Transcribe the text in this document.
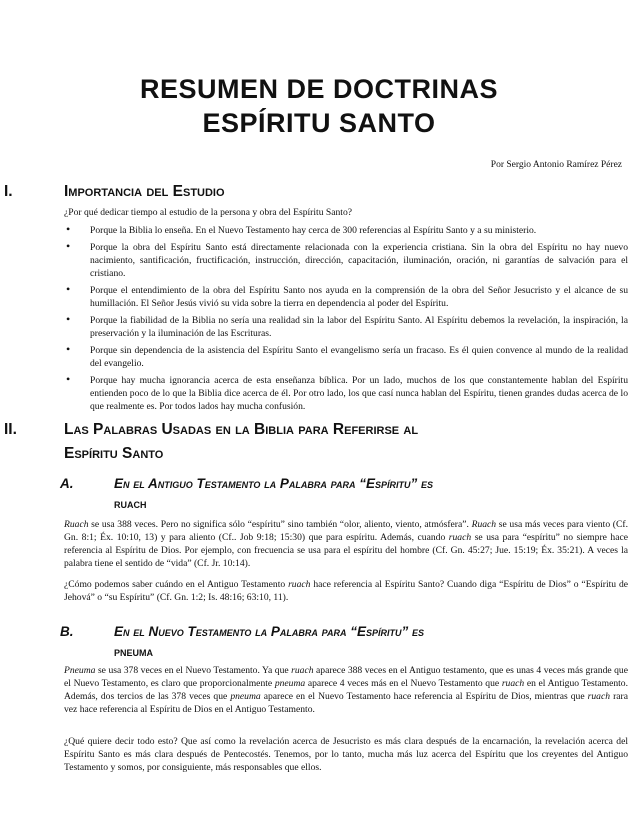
RESUMEN DE DOCTRINAS
ESPÍRITU SANTO
Por Sergio Antonio Ramírez Pérez
I.	Importancia del Estudio
¿Por qué dedicar tiempo al estudio de la persona y obra del Espíritu Santo?
• Porque la Biblia lo enseña. En el Nuevo Testamento hay cerca de 300 referencias al Espíritu Santo y a su ministerio.
• Porque la obra del Espíritu Santo está directamente relacionada con la experiencia cristiana. Sin la obra del Espíritu no hay nuevo nacimiento, santificación, fructificación, instrucción, dirección, capacitación, iluminación, oración, ni garantías de salvación para el cristiano.
• Porque el entendimiento de la obra del Espíritu Santo nos ayuda en la comprensión de la obra del Señor Jesucristo y el alcance de su humillación. El Señor Jesús vivió su vida sobre la tierra en dependencia al poder del Espíritu.
• Porque la fiabilidad de la Biblia no sería una realidad sin la labor del Espíritu Santo. Al Espíritu debemos la revelación, la inspiración, la preservación y la iluminación de las Escrituras.
• Porque sin dependencia de la asistencia del Espíritu Santo el evangelismo sería un fracaso. Es él quien convence al mundo de la realidad del evangelio.
• Porque hay mucha ignorancia acerca de esta enseñanza bíblica. Por un lado, muchos de los que constantemente hablan del Espíritu entienden poco de lo que la Biblia dice acerca de él. Por otro lado, los que casí nunca hablan del Espíritu, tienen grandes dudas acerca de lo que realmente es. Por todos lados hay mucha confusión.
II.	Las Palabras Usadas en la Biblia para Referirse al
Espíritu Santo
A.	En el Antiguo Testamento la Palabra para “Espíritu” es
ruach
Ruach se usa 388 veces. Pero no significa sólo “espíritu” sino también “olor, aliento, viento, atmósfera”. Ruach se usa más veces para viento (Cf. Gn. 8:1; Éx. 10:10, 13) y para aliento (Cf.. Job 9:18; 15:30) que para espíritu. Además, cuando ruach se usa para “espíritu” no siempre hace referencia al Espíritu de Dios. Por ejemplo, con frecuencia se usa para el espíritu del hombre (Cf. Gn. 45:27; Jue. 15:19; Éx. 35:21). A veces la palabra tiene el sentido de “vida” (Cf. Jr. 10:14).
¿Cómo podemos saber cuándo en el Antiguo Testamento ruach hace referencia al Espíritu Santo? Cuando diga “Espíritu de Dios” o “Espíritu de Jehová” o “su Espíritu” (Cf. Gn. 1:2; Is. 48:16; 63:10, 11).
B.	En el Nuevo Testamento la Palabra para “Espíritu” es
pneuma
Pneuma se usa 378 veces en el Nuevo Testamento. Ya que ruach aparece 388 veces en el Antiguo testamento, que es unas 4 veces más grande que el Nuevo Testamento, es claro que proporcionalmente pneuma aparece 4 veces más en el Nuevo Testamento que ruach en el Antiguo Testamento. Además, dos tercios de las 378 veces que pneuma aparece en el Nuevo Testamento hace referencia al Espíritu de Dios, mientras que ruach rara vez hace referencia al Espíritu de Dios en el Antiguo Testamento.
¿Qué quiere decir todo esto? Que así como la revelación acerca de Jesucristo es más clara después de la encarnación, la revelación acerca del Espíritu Santo es más clara después de Pentecostés. Tenemos, por lo tanto, mucha más luz acerca del Espíritu que los creyentes del Antiguo Testamento y somos, por consiguiente, más responsables que ellos.
